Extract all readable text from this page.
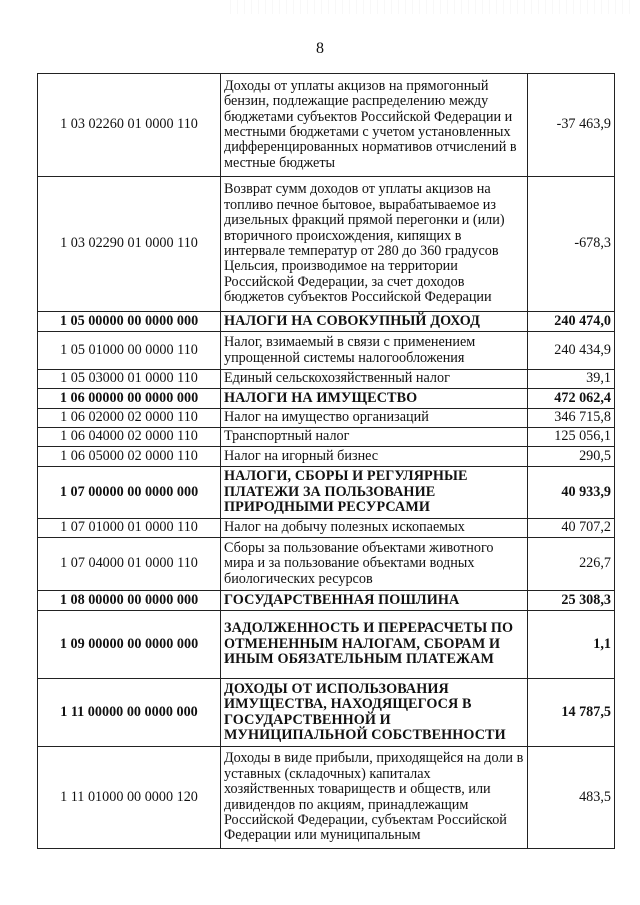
8
1 03 02260 01 0000 110	Доходы от уплаты акцизов на прямогонный бензин, подлежащие распределению между бюджетами субъектов Российской Федерации и местными бюджетами с учетом установленных дифференцированных нормативов отчислений в местные бюджеты	-37 463,9
1 03 02290 01 0000 110	Возврат сумм доходов от уплаты акцизов на топливо печное бытовое, вырабатываемое из дизельных фракций прямой перегонки и (или) вторичного происхождения, кипящих в интервале температур от 280 до 360 градусов Цельсия, производимое на территории Российской Федерации, за счет доходов бюджетов субъектов Российской Федерации	-678,3
1 05 00000 00 0000 000	НАЛОГИ НА СОВОКУПНЫЙ ДОХОД	240 474,0
1 05 01000 00 0000 110	Налог, взимаемый в связи с применением упрощенной системы налогообложения	240 434,9
1 05 03000 01 0000 110	Единый сельскохозяйственный налог	39,1
1 06 00000 00 0000 000	НАЛОГИ НА ИМУЩЕСТВО	472 062,4
1 06 02000 02 0000 110	Налог на имущество организаций	346 715,8
1 06 04000 02 0000 110	Транспортный налог	125 056,1
1 06 05000 02 0000 110	Налог на игорный бизнес	290,5
1 07 00000 00 0000 000	НАЛОГИ, СБОРЫ И РЕГУЛЯРНЫЕ ПЛАТЕЖИ ЗА ПОЛЬЗОВАНИЕ ПРИРОДНЫМИ РЕСУРСАМИ	40 933,9
1 07 01000 01 0000 110	Налог на добычу полезных ископаемых	40 707,2
1 07 04000 01 0000 110	Сборы за пользование объектами животного мира и за пользование объектами водных биологических ресурсов	226,7
1 08 00000 00 0000 000	ГОСУДАРСТВЕННАЯ ПОШЛИНА	25 308,3
1 09 00000 00 0000 000	ЗАДОЛЖЕННОСТЬ И ПЕРЕРАСЧЕТЫ ПО ОТМЕНЕННЫМ НАЛОГАМ, СБОРАМ И ИНЫМ ОБЯЗАТЕЛЬНЫМ ПЛАТЕЖАМ	1,1
1 11 00000 00 0000 000	ДОХОДЫ ОТ ИСПОЛЬЗОВАНИЯ ИМУЩЕСТВА, НАХОДЯЩЕГОСЯ В ГОСУДАРСТВЕННОЙ И МУНИЦИПАЛЬНОЙ СОБСТВЕННОСТИ	14 787,5
1 11 01000 00 0000 120	Доходы в виде прибыли, приходящейся на доли в уставных (складочных) капиталах хозяйственных товариществ и обществ, или дивидендов по акциям, принадлежащим Российской Федерации, субъектам Российской Федерации или муниципальным	483,5
